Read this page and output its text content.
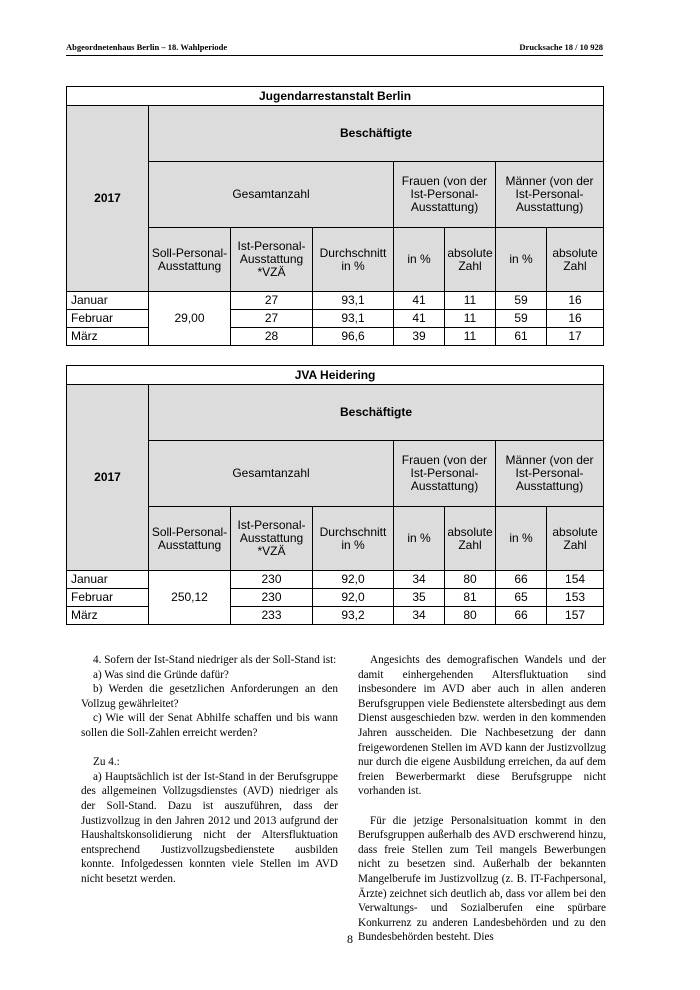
Abgeordnetenhaus Berlin – 18. Wahlperiode	Drucksache 18 / 10 928
Jugendarrestanstalt Berlin							
2017	Beschäftigte						
	Gesamtanzahl			Frauen (von der Ist-Personal-Ausstattung)		Männer (von der Ist-Personal-Ausstattung)	
	Soll-Personal-Ausstattung	Ist-Personal-Ausstattung *VZÄ	Durchschnitt in %	in %	absolute Zahl	in %	absolute Zahl
Januar	29,00	27	93,1	41	11	59	16
Februar		27	93,1	41	11	59	16
März		28	96,6	39	11	61	17
JVA Heidering							
2017	Beschäftigte						
	Gesamtanzahl			Frauen (von der Ist-Personal-Ausstattung)		Männer (von der Ist-Personal-Ausstattung)	
	Soll-Personal-Ausstattung	Ist-Personal-Ausstattung *VZÄ	Durchschnitt in %	in %	absolute Zahl	in %	absolute Zahl
Januar	250,12	230	92,0	34	80	66	154
Februar		230	92,0	35	81	65	153
März		233	93,2	34	80	66	157

4. Sofern der Ist-Stand niedriger als der Soll-Stand ist:

a) Was sind die Gründe dafür?

b) Werden die gesetzlichen Anforderungen an den Vollzug gewährleitet?

c) Wie will der Senat Abhilfe schaffen und bis wann sollen die Soll-Zahlen erreicht werden?

Zu 4.:

a) Hauptsächlich ist der Ist-Stand in der Berufsgruppe des allgemeinen Vollzugsdienstes (AVD) niedriger als der Soll-Stand. Dazu ist auszuführen, dass der Justizvollzug in den Jahren 2012 und 2013 aufgrund der Haushaltskonsolidierung nicht der Altersfluktuation entsprechend Justizvollzugsbedienstete ausbilden konnte. Infolgedessen konnten viele Stellen im AVD nicht besetzt werden.

Angesichts des demografischen Wandels und der damit einhergehenden Altersfluktuation sind insbesondere im AVD aber auch in allen anderen Berufsgruppen viele Bedienstete altersbedingt aus dem Dienst ausgeschieden bzw. werden in den kommenden Jahren ausscheiden. Die Nachbesetzung der dann freigewordenen Stellen im AVD kann der Justizvollzug nur durch die eigene Ausbildung erreichen, da auf dem freien Bewerbermarkt diese Berufsgruppe nicht vorhanden ist.

Für die jetzige Personalsituation kommt in den Berufsgruppen außerhalb des AVD erschwerend hinzu, dass freie Stellen zum Teil mangels Bewerbungen nicht zu besetzen sind. Außerhalb der bekannten Mangelberufe im Justizvollzug (z. B. IT-Fachpersonal, Ärzte) zeichnet sich deutlich ab, dass vor allem bei den Verwaltungs- und Sozialberufen eine spürbare Konkurrenz zu anderen Landesbehörden und zu den Bundesbehörden besteht. Dies

8
